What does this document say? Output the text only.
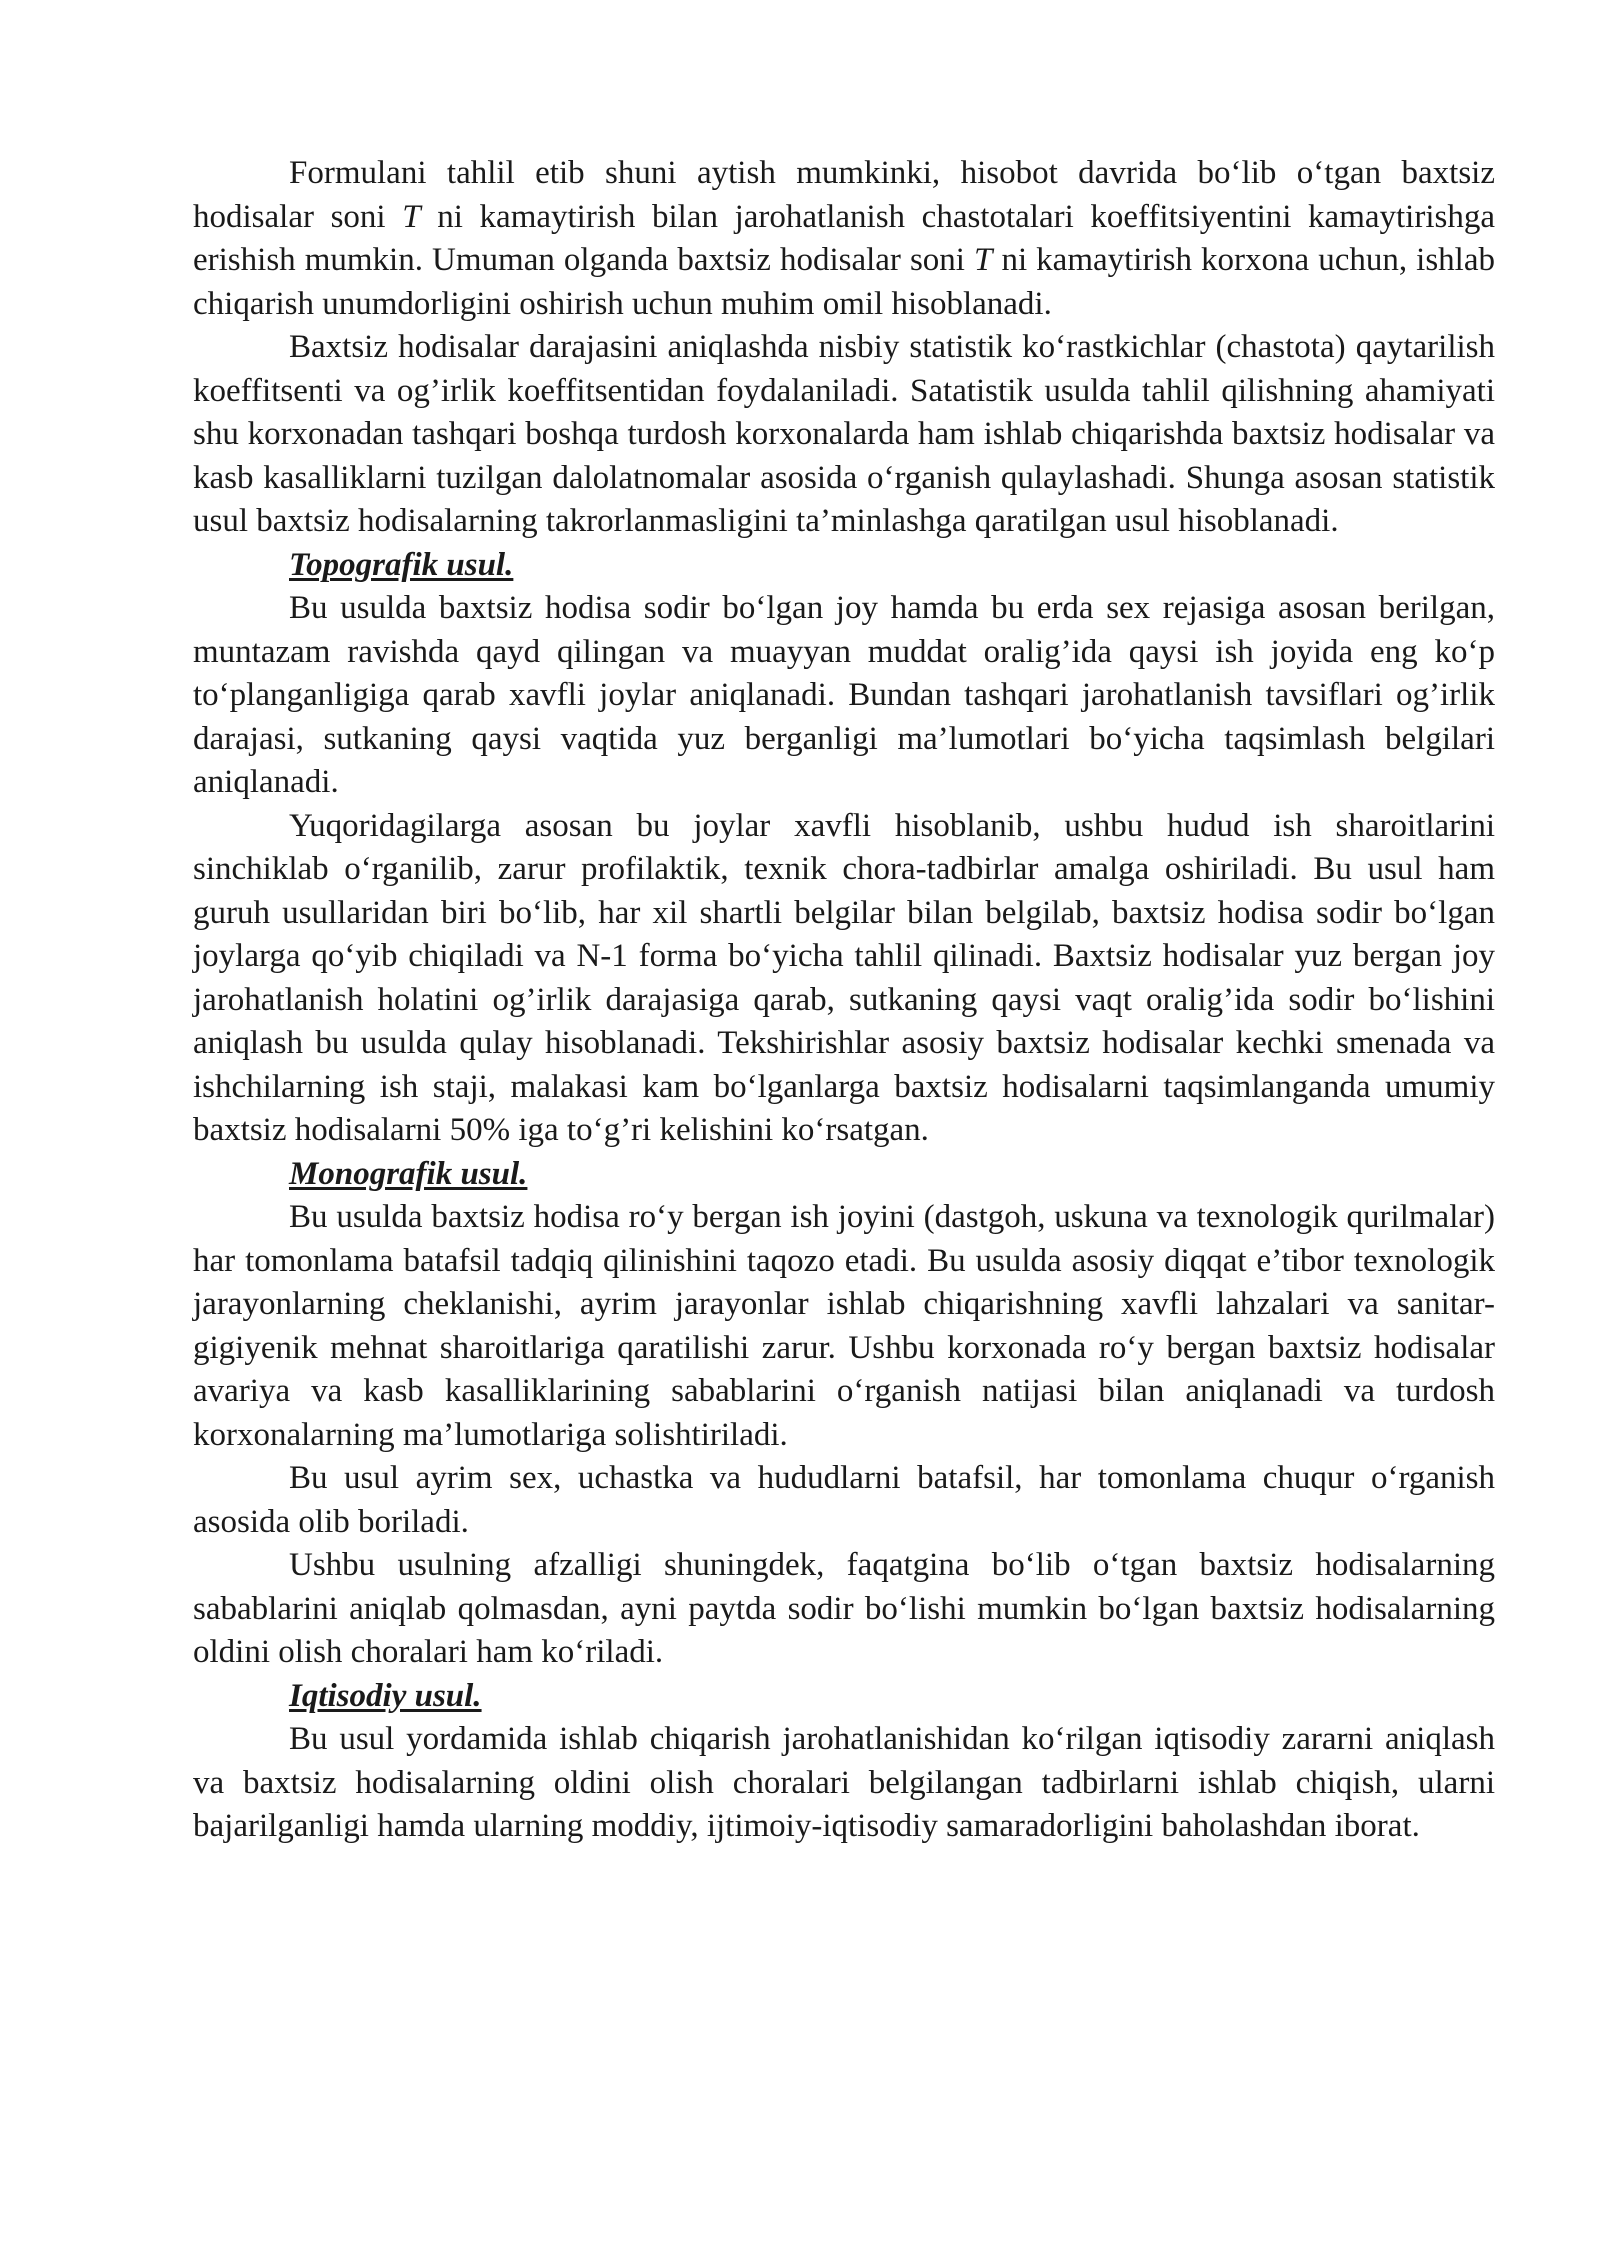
Formulani tahlil etib shuni aytish mumkinki, hisobot davrida bo‘lib o‘tgan baxtsiz hodisalar soni T ni kamaytirish bilan jarohatlanish chastotalari koeffitsiyentini kamaytirishga erishish mumkin. Umuman olganda baxtsiz hodisalar soni T ni kamaytirish korxona uchun, ishlab chiqarish unumdorligini oshirish uchun muhim omil hisoblanadi.

Baxtsiz hodisalar darajasini aniqlashda nisbiy statistik ko‘rastkichlar (chastota) qaytarilish koeffitsenti va og’irlik koeffitsentidan foydalaniladi. Satatistik usulda tahlil qilishning ahamiyati shu korxonadan tashqari boshqa turdosh korxonalarda ham ishlab chiqarishda baxtsiz hodisalar va kasb kasalliklarni tuzilgan dalolatnomalar asosida o‘rganish qulaylashadi. Shunga asosan statistik usul baxtsiz hodisalarning takrorlanmasligini ta’minlashga qaratilgan usul hisoblanadi.

Topografik usul.

Bu usulda baxtsiz hodisa sodir bo‘lgan joy hamda bu erda sex rejasiga asosan berilgan, muntazam ravishda qayd qilingan va muayyan muddat oralig’ida qaysi ish joyida eng ko‘p to‘planganligiga qarab xavfli joylar aniqlanadi. Bundan tashqari jarohatlanish tavsiflari og’irlik darajasi, sutkaning qaysi vaqtida yuz berganligi ma’lumotlari bo‘yicha taqsimlash belgilari aniqlanadi.

Yuqoridagilarga asosan bu joylar xavfli hisoblanib, ushbu hudud ish sharoitlarini sinchiklab o‘rganilib, zarur profilaktik, texnik chora-tadbirlar amalga oshiriladi. Bu usul ham guruh usullaridan biri bo‘lib, har xil shartli belgilar bilan belgilab, baxtsiz hodisa sodir bo‘lgan joylarga qo‘yib chiqiladi va N-1 forma bo‘yicha tahlil qilinadi. Baxtsiz hodisalar yuz bergan joy jarohatlanish holatini og’irlik darajasiga qarab, sutkaning qaysi vaqt oralig’ida sodir bo‘lishini aniqlash bu usulda qulay hisoblanadi. Tekshirishlar asosiy baxtsiz hodisalar kechki smenada va ishchilarning ish staji, malakasi kam bo‘lganlarga baxtsiz hodisalarni taqsimlanganda umumiy baxtsiz hodisalarni 50% iga to‘g’ri kelishini ko‘rsatgan.

Monografik usul.

Bu usulda baxtsiz hodisa ro‘y bergan ish joyini (dastgoh, uskuna va texnologik qurilmalar) har tomonlama batafsil tadqiq qilinishini taqozo etadi. Bu usulda asosiy diqqat e’tibor texnologik jarayonlarning cheklanishi, ayrim jarayonlar ishlab chiqarishning xavfli lahzalari va sanitar-gigiyenik mehnat sharoitlariga qaratilishi zarur. Ushbu korxonada ro‘y bergan baxtsiz hodisalar avariya va kasb kasalliklarining sabablarini o‘rganish natijasi bilan aniqlanadi va turdosh korxonalarning ma’lumotlariga solishtiriladi.

Bu usul ayrim sex, uchastka va hududlarni batafsil, har tomonlama chuqur o‘rganish asosida olib boriladi.

Ushbu usulning afzalligi shuningdek, faqatgina bo‘lib o‘tgan baxtsiz hodisalarning sabablarini aniqlab qolmasdan, ayni paytda sodir bo‘lishi mumkin bo‘lgan baxtsiz hodisalarning oldini olish choralari ham ko‘riladi.

Iqtisodiy usul.

Bu usul yordamida ishlab chiqarish jarohatlanishidan ko‘rilgan iqtisodiy zararni aniqlash va baxtsiz hodisalarning oldini olish choralari belgilangan tadbirlarni ishlab chiqish, ularni bajarilganligi hamda ularning moddiy, ijtimoiy-iqtisodiy samaradorligini baholashdan iborat.
